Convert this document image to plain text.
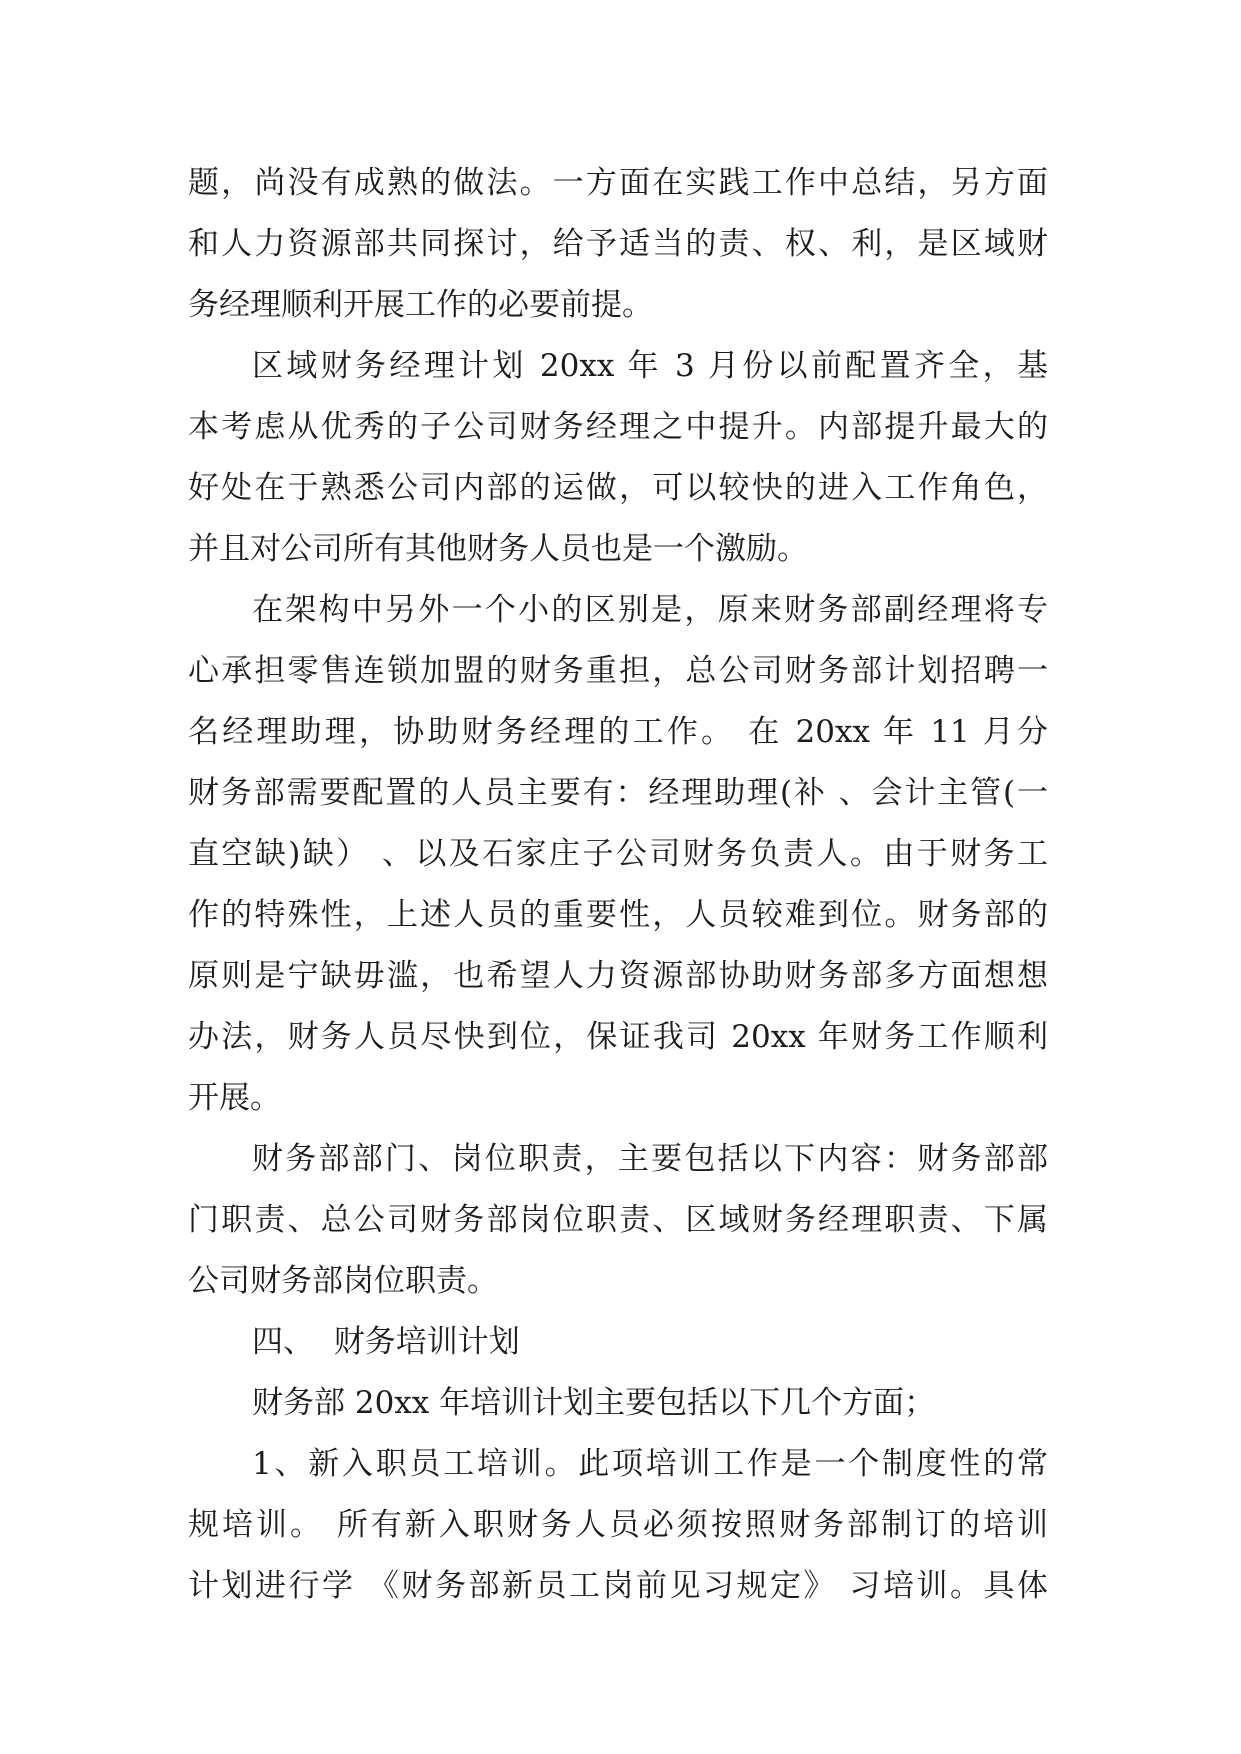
题，尚没有成熟的做法。一方面在实践工作中总结，另方面
和人力资源部共同探讨，给予适当的责、权、利，是区域财
务经理顺利开展工作的必要前提。
区域财务经理计划 20xx 年 3 月份以前配置齐全，基
本考虑从优秀的子公司财务经理之中提升。内部提升最大的
好处在于熟悉公司内部的运做，可以较快的进入工作角色，
并且对公司所有其他财务人员也是一个激励。
在架构中另外一个小的区别是，原来财务部副经理将专
心承担零售连锁加盟的财务重担，总公司财务部计划招聘一
名经理助理，协助财务经理的工作。 在 20xx 年 11 月分
财务部需要配置的人员主要有：经理助理(补 、会计主管(一
直空缺)缺） 、以及石家庄子公司财务负责人。由于财务工
作的特殊性，上述人员的重要性，人员较难到位。财务部的
原则是宁缺毋滥，也希望人力资源部协助财务部多方面想想
办法，财务人员尽快到位，保证我司 20xx 年财务工作顺利
开展。
财务部部门、岗位职责，主要包括以下内容：财务部部
门职责、总公司财务部岗位职责、区域财务经理职责、下属
公司财务部岗位职责。
四、  财务培训计划
财务部 20xx 年培训计划主要包括以下几个方面；
1、新入职员工培训。此项培训工作是一个制度性的常
规培训。 所有新入职财务人员必须按照财务部制订的培训
计划进行学 《财务部新员工岗前见习规定》 习培训。具体
